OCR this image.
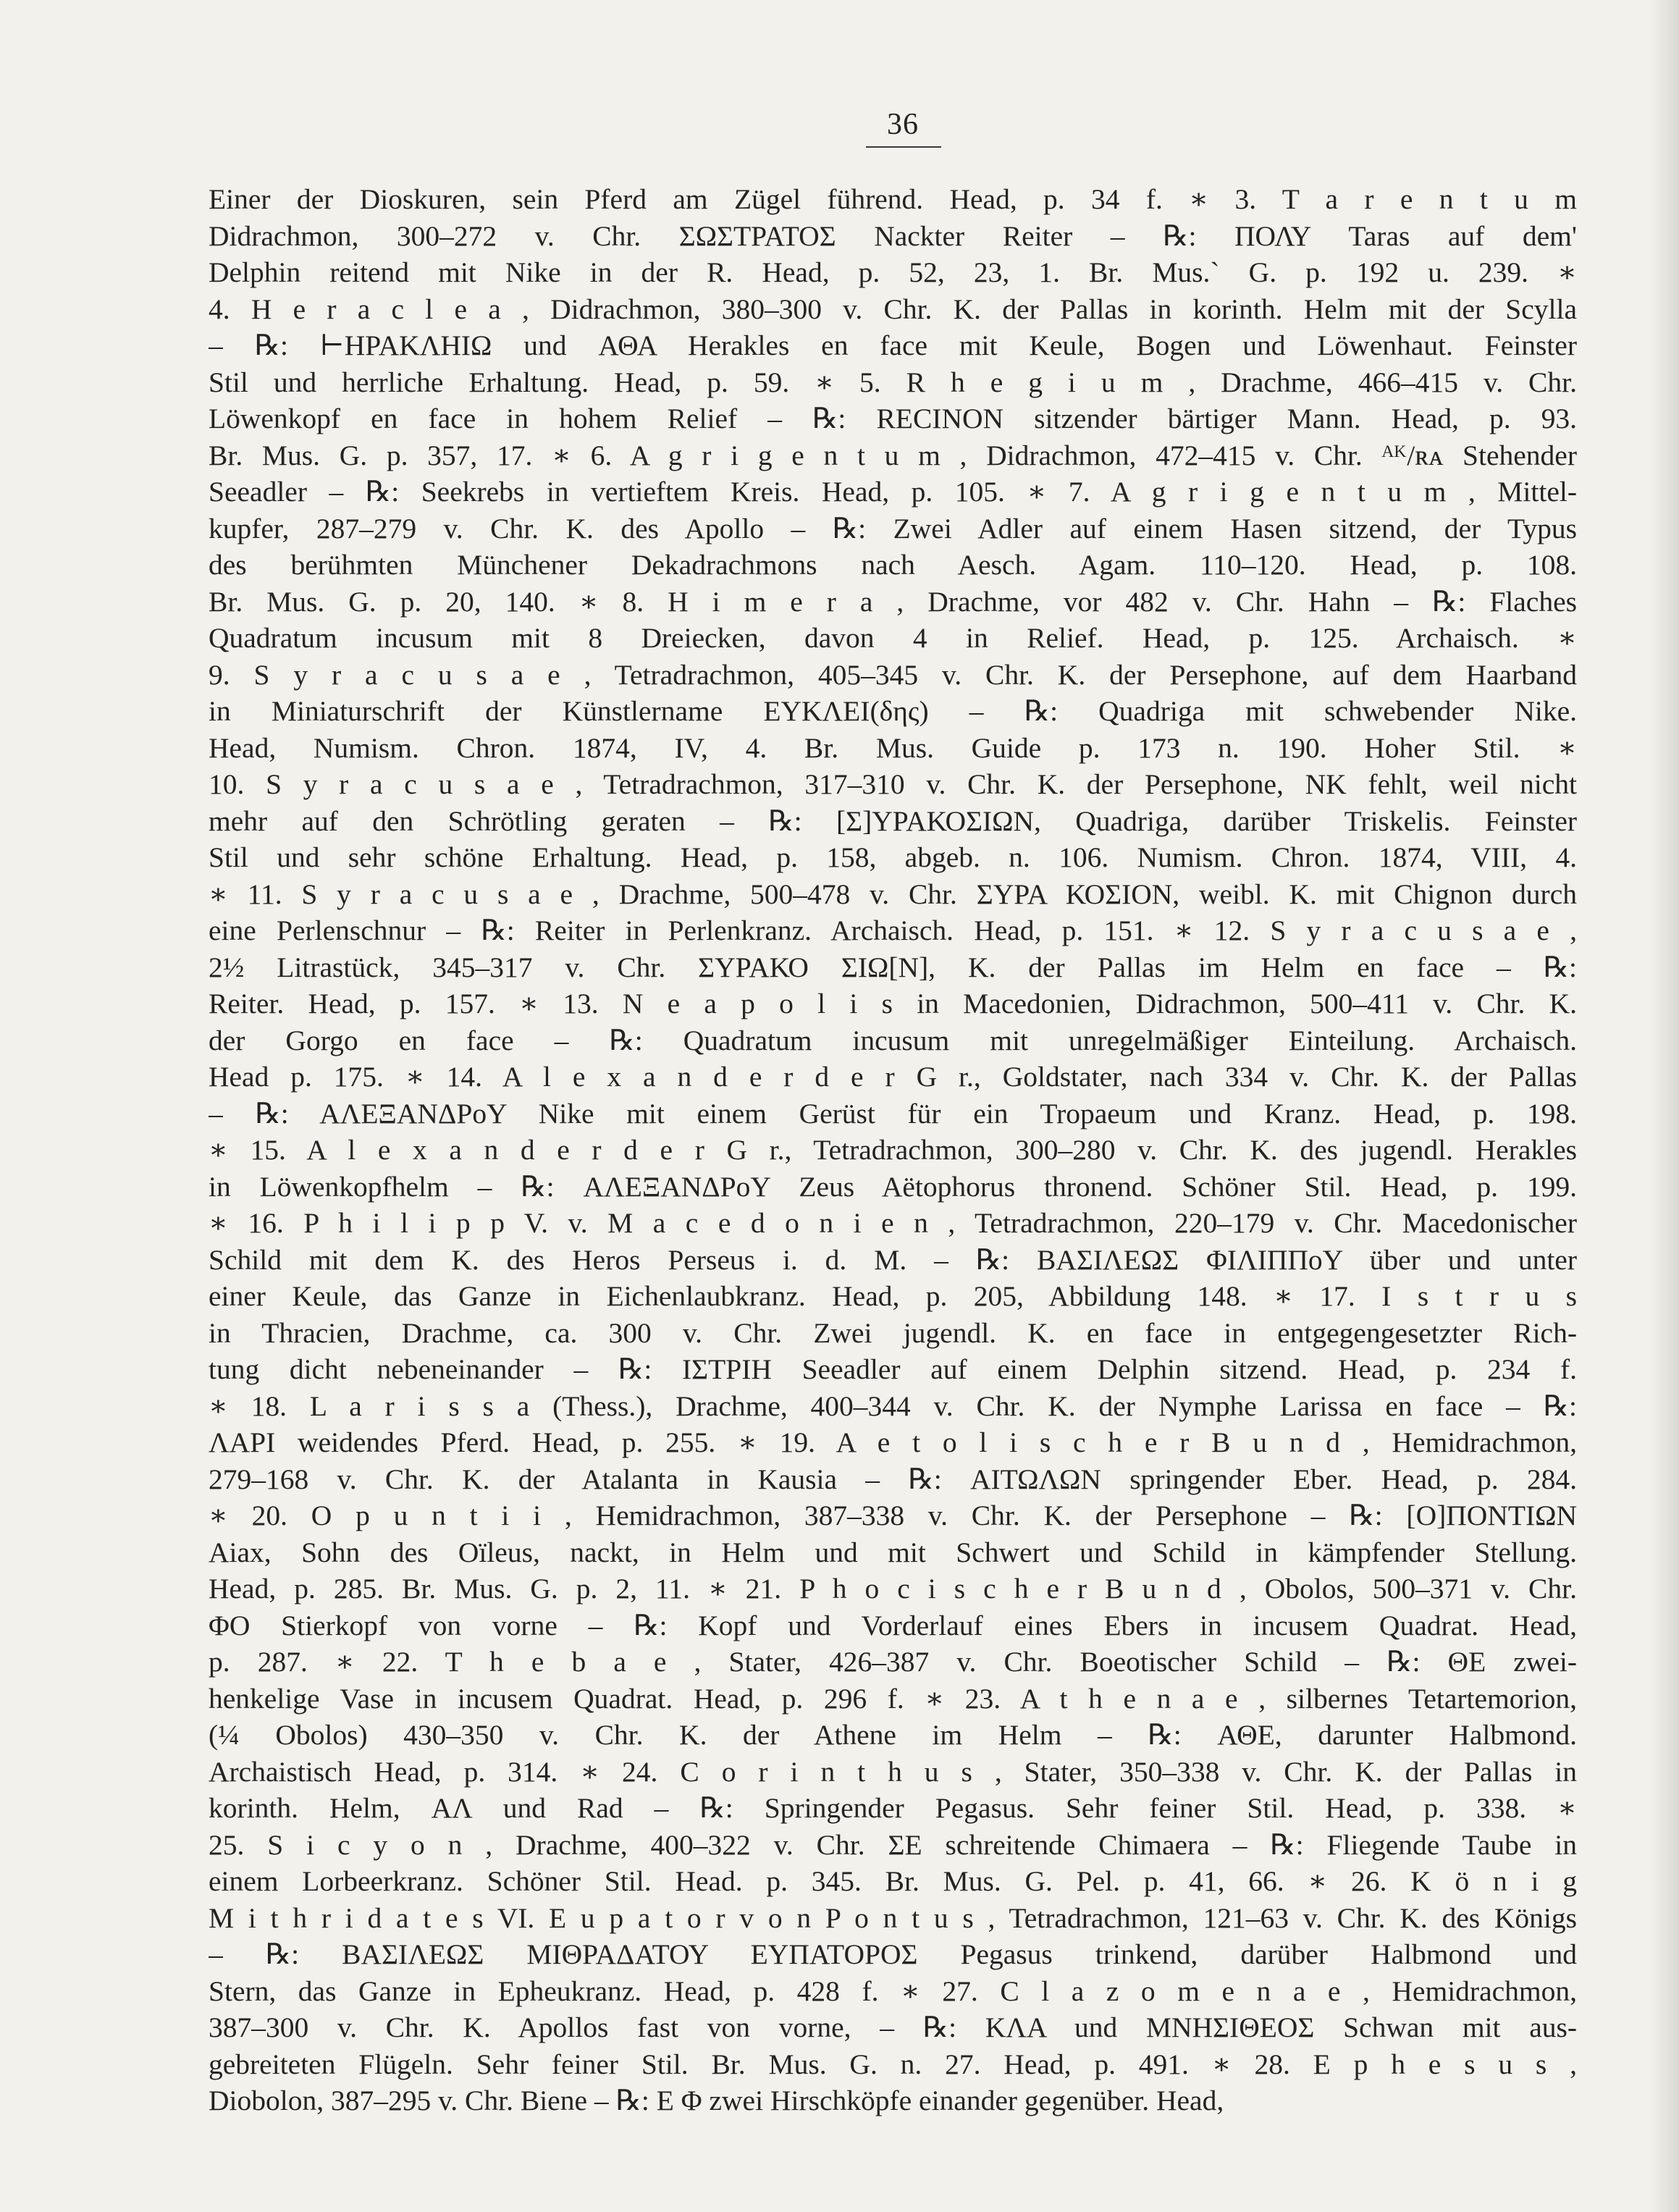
36
Einer der Dioskuren, sein Pferd am Zügel führend. Head, p. 34 f. ∗ 3. T a r e n t u m
Didrachmon, 300–272 v. Chr. ΣΩΣΤΡΑΤΟΣ Nackter Reiter – ℞: ΠΟΛΥ Taras auf dem'
Delphin reitend mit Nike in der R. Head, p. 52, 23, 1. Br. Mus.` G. p. 192 u. 239. ∗
4. H e r a c l e a , Didrachmon, 380–300 v. Chr. K. der Pallas in korinth. Helm mit der Scylla
– ℞: ⊢ΗΡΑΚΛΗΙΩ und ΑΘΑ Herakles en face mit Keule, Bogen und Löwenhaut. Feinster
Stil und herrliche Erhaltung. Head, p. 59. ∗ 5. R h e g i u m , Drachme, 466–415 v. Chr.
Löwenkopf en face in hohem Relief – ℞: RECINON sitzender bärtiger Mann. Head, p. 93.
Br. Mus. G. p. 357, 17. ∗ 6. A g r i g e n t u m , Didrachmon, 472–415 v. Chr. ᴬᴷ/ʀᴀ Stehender
Seeadler – ℞: Seekrebs in vertieftem Kreis. Head, p. 105. ∗ 7. A g r i g e n t u m , Mittel-
kupfer, 287–279 v. Chr. K. des Apollo – ℞: Zwei Adler auf einem Hasen sitzend, der Typus
des berühmten Münchener Dekadrachmons nach Aesch. Agam. 110–120. Head, p. 108.
Br. Mus. G. p. 20, 140. ∗ 8. H i m e r a , Drachme, vor 482 v. Chr. Hahn – ℞: Flaches
Quadratum incusum mit 8 Dreiecken, davon 4 in Relief. Head, p. 125. Archaisch. ∗
9. S y r a c u s a e , Tetradrachmon, 405–345 v. Chr. K. der Persephone, auf dem Haarband
in Miniaturschrift der Künstlername ΕΥΚΛΕΙ(δης) – ℞: Quadriga mit schwebender Nike.
Head, Numism. Chron. 1874, IV, 4. Br. Mus. Guide p. 173 n. 190. Hoher Stil. ∗
10. S y r a c u s a e , Tetradrachmon, 317–310 v. Chr. K. der Persephone, ΝΚ fehlt, weil nicht
mehr auf den Schrötling geraten – ℞: [Σ]ΥΡΑΚΟΣΙΩΝ, Quadriga, darüber Triskelis. Feinster
Stil und sehr schöne Erhaltung. Head, p. 158, abgeb. n. 106. Numism. Chron. 1874, VIII, 4.
∗ 11. S y r a c u s a e , Drachme, 500–478 v. Chr. ΣΥΡΑ ΚΟΣΙΟΝ, weibl. K. mit Chignon durch
eine Perlenschnur – ℞: Reiter in Perlenkranz. Archaisch. Head, p. 151. ∗ 12. S y r a c u s a e ,
2½ Litrastück, 345–317 v. Chr. ΣΥΡΑΚΟ ΣΙΩ[Ν], K. der Pallas im Helm en face – ℞:
Reiter. Head, p. 157. ∗ 13. N e a p o l i s in Macedonien, Didrachmon, 500–411 v. Chr. K.
der Gorgo en face – ℞: Quadratum incusum mit unregelmäßiger Einteilung. Archaisch.
Head p. 175. ∗ 14. A l e x a n d e r d e r G r., Goldstater, nach 334 v. Chr. K. der Pallas
– ℞: ΑΛΕΞΑΝΔΡοΥ Nike mit einem Gerüst für ein Tropaeum und Kranz. Head, p. 198.
∗ 15. A l e x a n d e r d e r G r., Tetradrachmon, 300–280 v. Chr. K. des jugendl. Herakles
in Löwenkopfhelm – ℞: ΑΛΕΞΑΝΔΡοΥ Zeus Aëtophorus thronend. Schöner Stil. Head, p. 199.
∗ 16. P h i l i p p V. v. M a c e d o n i e n , Tetradrachmon, 220–179 v. Chr. Macedonischer
Schild mit dem K. des Heros Perseus i. d. M. – ℞: ΒΑΣΙΛΕΩΣ ΦΙΛΙΠΠοΥ über und unter
einer Keule, das Ganze in Eichenlaubkranz. Head, p. 205, Abbildung 148. ∗ 17. I s t r u s
in Thracien, Drachme, ca. 300 v. Chr. Zwei jugendl. K. en face in entgegengesetzter Rich-
tung dicht nebeneinander – ℞: ΙΣΤΡΙΗ Seeadler auf einem Delphin sitzend. Head, p. 234 f.
∗ 18. L a r i s s a (Thess.), Drachme, 400–344 v. Chr. K. der Nymphe Larissa en face – ℞:
ΛΑΡΙ weidendes Pferd. Head, p. 255. ∗ 19. A e t o l i s c h e r B u n d , Hemidrachmon,
279–168 v. Chr. K. der Atalanta in Kausia – ℞: ΑΙΤΩΛΩΝ springender Eber. Head, p. 284.
∗ 20. O p u n t i i , Hemidrachmon, 387–338 v. Chr. K. der Persephone – ℞: [Ο]ΠΟΝΤΙΩΝ
Aiax, Sohn des Oïleus, nackt, in Helm und mit Schwert und Schild in kämpfender Stellung.
Head, p. 285. Br. Mus. G. p. 2, 11. ∗ 21. P h o c i s c h e r B u n d , Obolos, 500–371 v. Chr.
ΦΟ Stierkopf von vorne – ℞: Kopf und Vorderlauf eines Ebers in incusem Quadrat. Head,
p. 287. ∗ 22. T h e b a e , Stater, 426–387 v. Chr. Boeotischer Schild – ℞: ΘΕ zwei-
henkelige Vase in incusem Quadrat. Head, p. 296 f. ∗ 23. A t h e n a e , silbernes Tetartemorion,
(¼ Obolos) 430–350 v. Chr. K. der Athene im Helm – ℞: ΑΘΕ, darunter Halbmond.
Archaistisch Head, p. 314. ∗ 24. C o r i n t h u s , Stater, 350–338 v. Chr. K. der Pallas in
korinth. Helm, ΑΛ und Rad – ℞: Springender Pegasus. Sehr feiner Stil. Head, p. 338. ∗
25. S i c y o n , Drachme, 400–322 v. Chr. ΣΕ schreitende Chimaera – ℞: Fliegende Taube in
einem Lorbeerkranz. Schöner Stil. Head. p. 345. Br. Mus. G. Pel. p. 41, 66. ∗ 26. K ö n i g
M i t h r i d a t e s VI. E u p a t o r v o n P o n t u s , Tetradrachmon, 121–63 v. Chr. K. des Königs
– ℞: ΒΑΣΙΛΕΩΣ ΜΙΘΡΑΔΑΤΟΥ ΕΥΠΑΤΟΡΟΣ Pegasus trinkend, darüber Halbmond und
Stern, das Ganze in Epheukranz. Head, p. 428 f. ∗ 27. C l a z o m e n a e , Hemidrachmon,
387–300 v. Chr. K. Apollos fast von vorne, – ℞: ΚΛΑ und ΜΝΗΣΙΘΕΟΣ Schwan mit aus-
gebreiteten Flügeln. Sehr feiner Stil. Br. Mus. G. n. 27. Head, p. 491. ∗ 28. E p h e s u s ,
Diobolon, 387–295 v. Chr. Biene – ℞: Ε Φ zwei Hirschköpfe einander gegenüber. Head,
